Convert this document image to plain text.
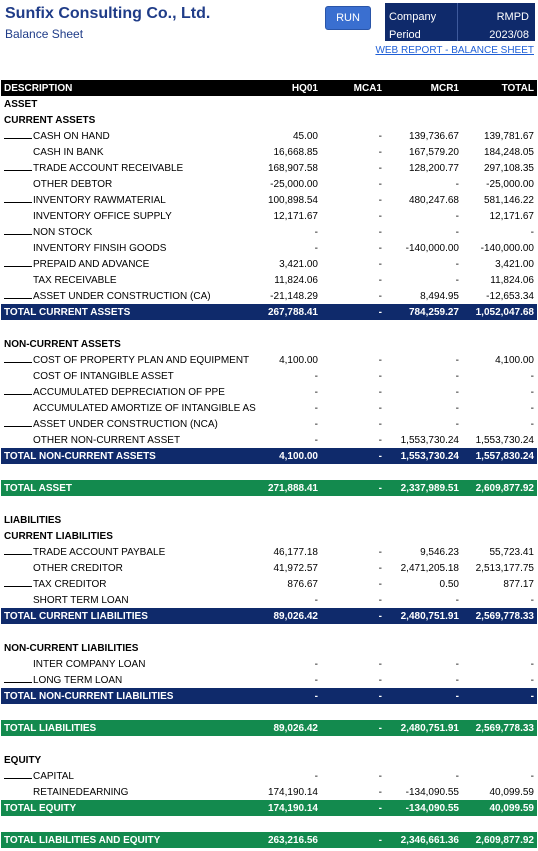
Sunfix Consulting Co., Ltd.
Balance Sheet
RUN	Company	RMPD
Period	2023/08
WEB REPORT - BALANCE SHEET
DESCRIPTION	HQ01	MCA1	MCR1	TOTAL
ASSET				
CURRENT ASSETS				
CASH ON HAND	45.00	-	139,736.67	139,781.67
CASH IN BANK	16,668.85	-	167,579.20	184,248.05
TRADE ACCOUNT RECEIVABLE	168,907.58	-	128,200.77	297,108.35
OTHER DEBTOR	-25,000.00	-	-	-25,000.00
INVENTORY RAWMATERIAL	100,898.54	-	480,247.68	581,146.22
INVENTORY OFFICE SUPPLY	12,171.67	-	-	12,171.67
NON STOCK	-	-	-	-
INVENTORY FINSIH GOODS	-	-	-140,000.00	-140,000.00
PREPAID AND ADVANCE	3,421.00	-	-	3,421.00
TAX RECEIVABLE	11,824.06	-	-	11,824.06
ASSET UNDER CONSTRUCTION (CA)	-21,148.29	-	8,494.95	-12,653.34
TOTAL CURRENT ASSETS	267,788.41	-	784,259.27	1,052,047.68

NON-CURRENT ASSETS				
COST OF PROPERTY PLAN AND EQUIPMENT	4,100.00	-	-	4,100.00
COST OF INTANGIBLE ASSET	-	-	-	-
ACCUMULATED DEPRECIATION OF PPE	-	-	-	-
ACCUMULATED AMORTIZE OF INTANGIBLE AS	-	-	-	-
ASSET UNDER CONSTRUCTION (NCA)	-	-	-	-
OTHER NON-CURRENT ASSET	-	-	1,553,730.24	1,553,730.24
TOTAL NON-CURRENT ASSETS	4,100.00	-	1,553,730.24	1,557,830.24

TOTAL ASSET	271,888.41	-	2,337,989.51	2,609,877.92

LIABILITIES				
CURRENT LIABILITIES				
TRADE ACCOUNT PAYBALE	46,177.18	-	9,546.23	55,723.41
OTHER CREDITOR	41,972.57	-	2,471,205.18	2,513,177.75
TAX CREDITOR	876.67	-	0.50	877.17
SHORT TERM LOAN	-	-	-	-
TOTAL CURRENT LIABILITIES	89,026.42	-	2,480,751.91	2,569,778.33

NON-CURRENT LIABILITIES				
INTER COMPANY LOAN	-	-	-	-
LONG TERM LOAN	-	-	-	-
TOTAL NON-CURRENT LIABILITIES	-	-	-	-

TOTAL LIABILITIES	89,026.42	-	2,480,751.91	2,569,778.33

EQUITY				
CAPITAL	-	-	-	-
RETAINEDEARNING	174,190.14	-	-134,090.55	40,099.59
TOTAL EQUITY	174,190.14	-	-134,090.55	40,099.59

TOTAL LIABILITIES AND EQUITY	263,216.56	-	2,346,661.36	2,609,877.92
